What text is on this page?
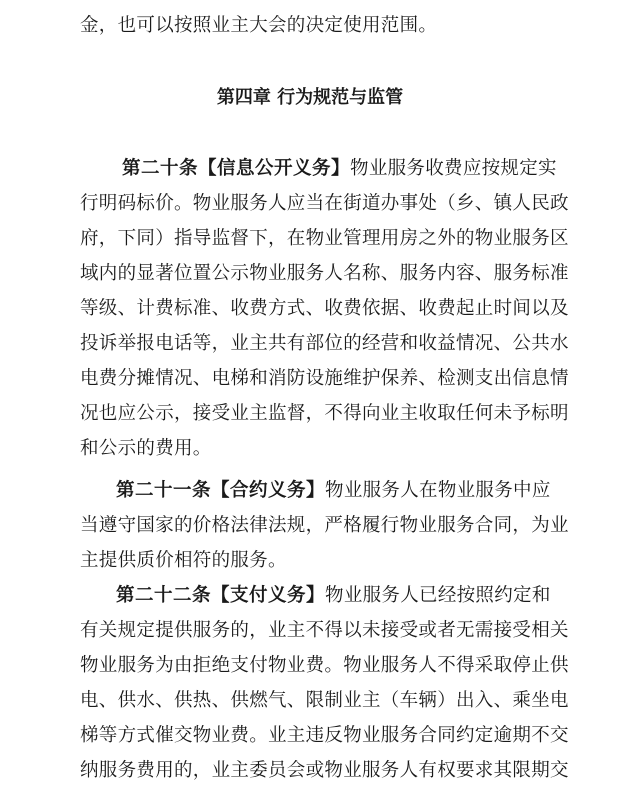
金，也可以按照业主大会的决定使用范围。
第四章 行为规范与监管
第二十条【信息公开义务】物业服务收费应按规定实
行明码标价。物业服务人应当在街道办事处（乡、镇人民政
府，下同）指导监督下，在物业管理用房之外的物业服务区
域内的显著位置公示物业服务人名称、服务内容、服务标准
等级、计费标准、收费方式、收费依据、收费起止时间以及
投诉举报电话等，业主共有部位的经营和收益情况、公共水
电费分摊情况、电梯和消防设施维护保养、检测支出信息情
况也应公示，接受业主监督，不得向业主收取任何未予标明
和公示的费用。
第二十一条【合约义务】物业服务人在物业服务中应
当遵守国家的价格法律法规，严格履行物业服务合同，为业
主提供质价相符的服务。
第二十二条【支付义务】物业服务人已经按照约定和
有关规定提供服务的，业主不得以未接受或者无需接受相关
物业服务为由拒绝支付物业费。物业服务人不得采取停止供
电、供水、供热、供燃气、限制业主（车辆）出入、乘坐电
梯等方式催交物业费。业主违反物业服务合同约定逾期不交
纳服务费用的，业主委员会或物业服务人有权要求其限期交
